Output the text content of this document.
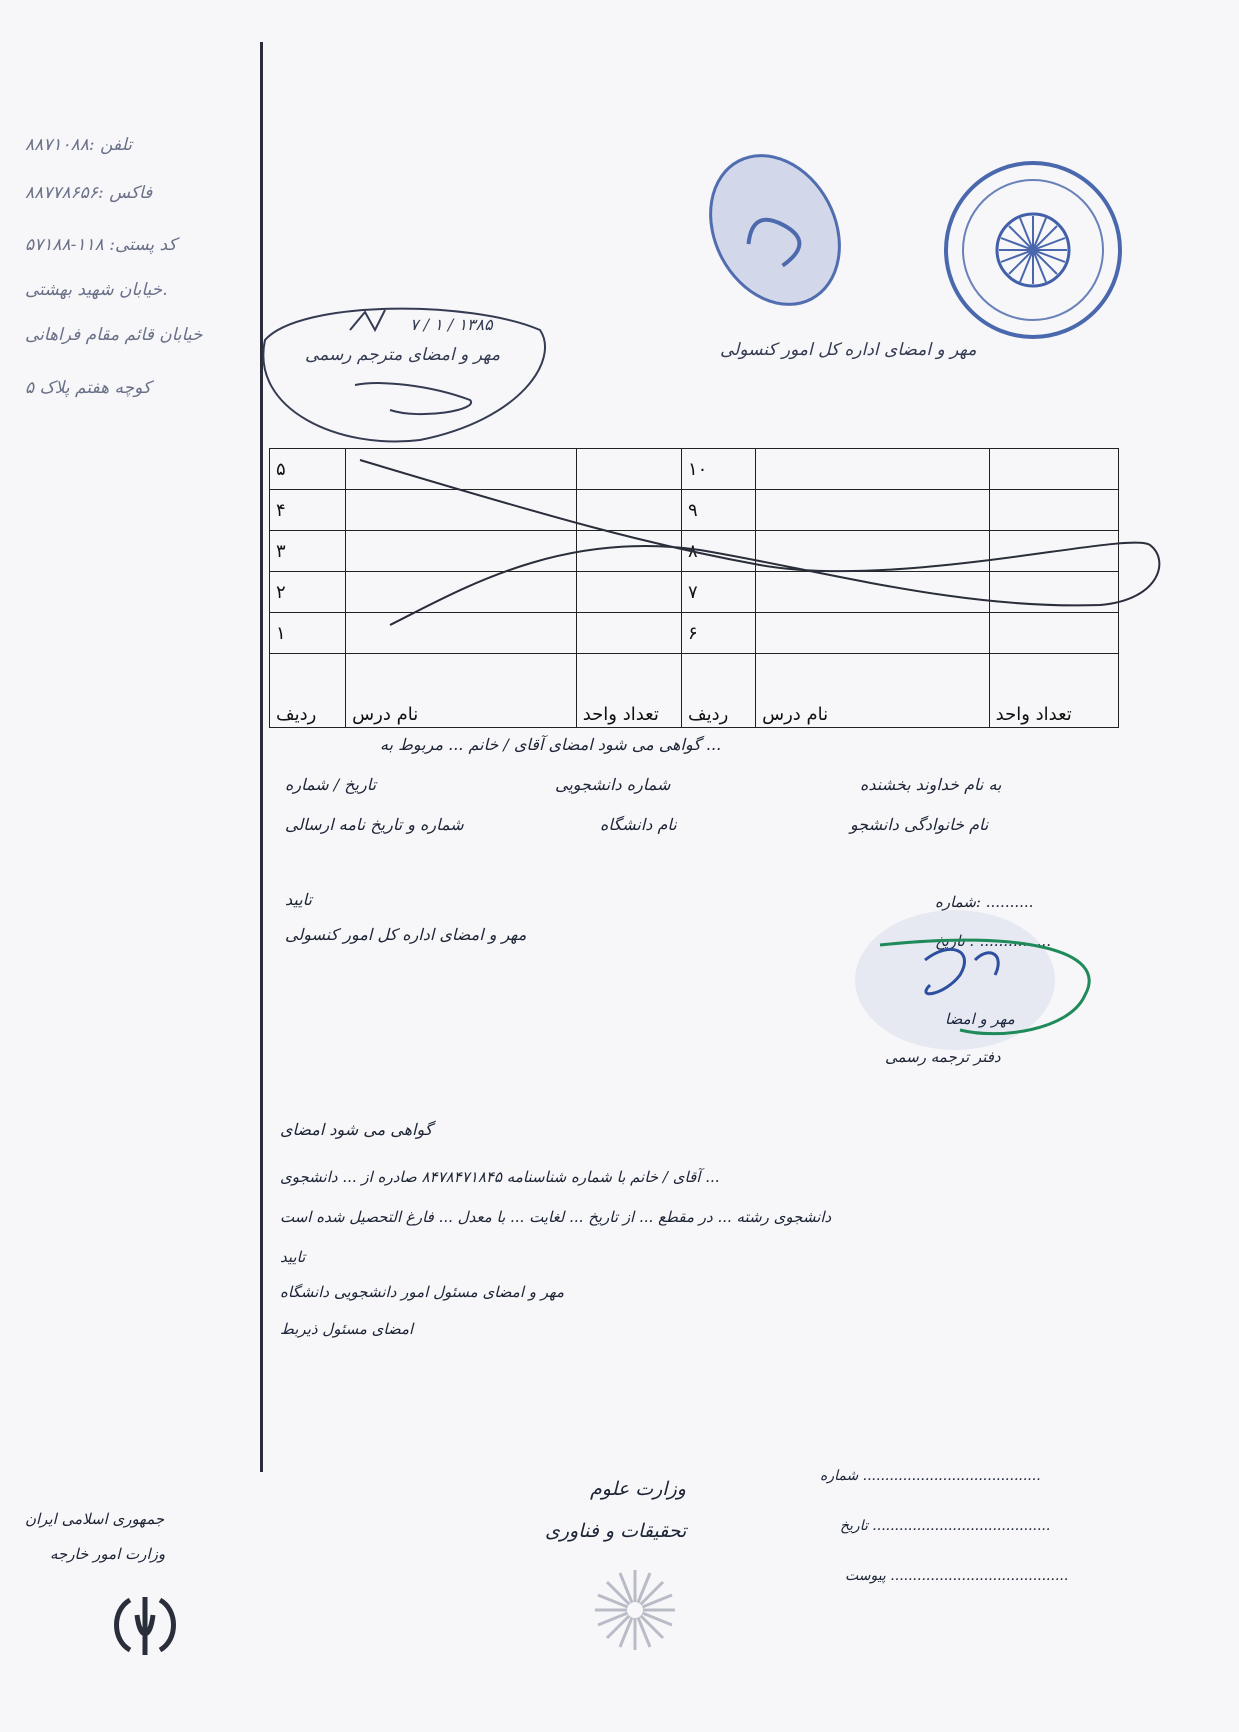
۸۸۷۱۰۸۸: تلفن
۸۸۷۷۸۶۵۶: فاکس
کد پستی: ۱۱۸-۵۷۱۸۸
خیابان شهید بهشتی.
خیابان قائم مقام فراهانی
کوچه هفتم پلاک ۵
مهر و امضای مترجم رسمی
۷ / ۱ / ۱۳۸۵
مهر و امضای اداره کل امور کنسولی
۵			۱۰		
۴			۹		
۳			۸		
۲			۷		
۱			۶		
ردیف	نام درس	تعداد واحد	ردیف	نام درس	تعداد واحد
گواهی می شود امضای آقای / خانم ... مربوط به ...
تاریخ / شماره
شماره و تاریخ نامه ارسالی
شماره دانشجویی
نام دانشگاه
به نام خداوند بخشنده
نام خانوادگی دانشجو
تایید
مهر و امضای اداره کل امور کنسولی
شماره: ..........
تاریخ : ...............
مهر و امضا
دفتر ترجمه رسمی
گواهی می شود امضای
آقای / خانم با شماره شناسنامه ۸۴۷۸۴۷۱۸۴۵ صادره از ... دانشجوی ...
دانشجوی رشته ... در مقطع ... از تاریخ ... لغایت ... با معدل ... فارغ التحصیل شده است
تایید
مهر و امضای مسئول امور دانشجویی دانشگاه
امضای مسئول ذیربط
وزارت علوم
تحقیقات و فناوری
شماره ........................................
تاریخ ........................................
پیوست ........................................
جمهوری اسلامی ایران
وزارت امور خارجه
